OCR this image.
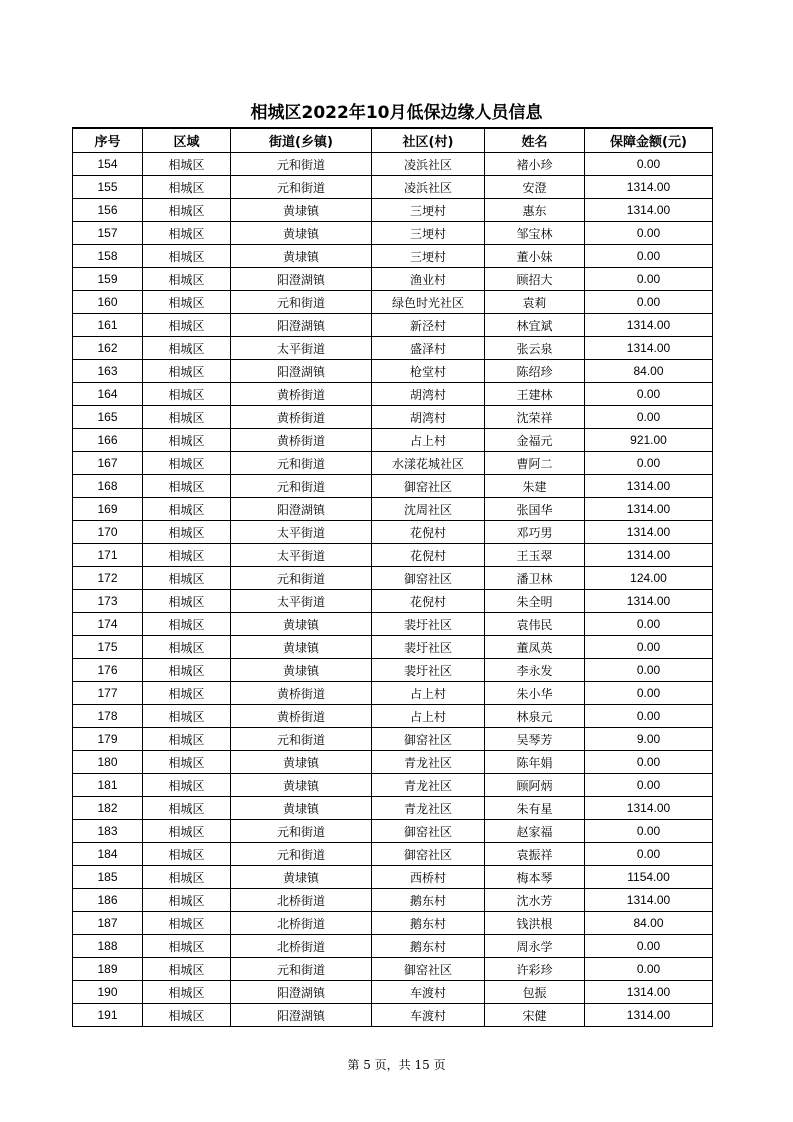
相城区2022年10月低保边缘人员信息
序号	区域	街道(乡镇)	社区(村)	姓名	保障金额(元)
154	相城区	元和街道	凌浜社区	褚小珍	0.00
155	相城区	元和街道	凌浜社区	安澄	1314.00
156	相城区	黄埭镇	三埂村	惠东	1314.00
157	相城区	黄埭镇	三埂村	邹宝林	0.00
158	相城区	黄埭镇	三埂村	董小妹	0.00
159	相城区	阳澄湖镇	渔业村	顾招大	0.00
160	相城区	元和街道	绿色时光社区	袁莉	0.00
161	相城区	阳澄湖镇	新泾村	林宜斌	1314.00
162	相城区	太平街道	盛泽村	张云泉	1314.00
163	相城区	阳澄湖镇	枪堂村	陈绍珍	84.00
164	相城区	黄桥街道	胡湾村	王建林	0.00
165	相城区	黄桥街道	胡湾村	沈荣祥	0.00
166	相城区	黄桥街道	占上村	金福元	921.00
167	相城区	元和街道	水漾花城社区	曹阿二	0.00
168	相城区	元和街道	御窑社区	朱建	1314.00
169	相城区	阳澄湖镇	沈周社区	张国华	1314.00
170	相城区	太平街道	花倪村	邓巧男	1314.00
171	相城区	太平街道	花倪村	王玉翠	1314.00
172	相城区	元和街道	御窑社区	潘卫林	124.00
173	相城区	太平街道	花倪村	朱全明	1314.00
174	相城区	黄埭镇	裴圩社区	袁伟民	0.00
175	相城区	黄埭镇	裴圩社区	董凤英	0.00
176	相城区	黄埭镇	裴圩社区	李永发	0.00
177	相城区	黄桥街道	占上村	朱小华	0.00
178	相城区	黄桥街道	占上村	林泉元	0.00
179	相城区	元和街道	御窑社区	吴琴芳	9.00
180	相城区	黄埭镇	青龙社区	陈年娟	0.00
181	相城区	黄埭镇	青龙社区	顾阿炳	0.00
182	相城区	黄埭镇	青龙社区	朱有星	1314.00
183	相城区	元和街道	御窑社区	赵家福	0.00
184	相城区	元和街道	御窑社区	袁振祥	0.00
185	相城区	黄埭镇	西桥村	梅本琴	1154.00
186	相城区	北桥街道	鹅东村	沈水芳	1314.00
187	相城区	北桥街道	鹅东村	钱洪根	84.00
188	相城区	北桥街道	鹅东村	周永学	0.00
189	相城区	元和街道	御窑社区	许彩珍	0.00
190	相城区	阳澄湖镇	车渡村	包振	1314.00
191	相城区	阳澄湖镇	车渡村	宋健	1314.00
第 5 页，共 15 页
